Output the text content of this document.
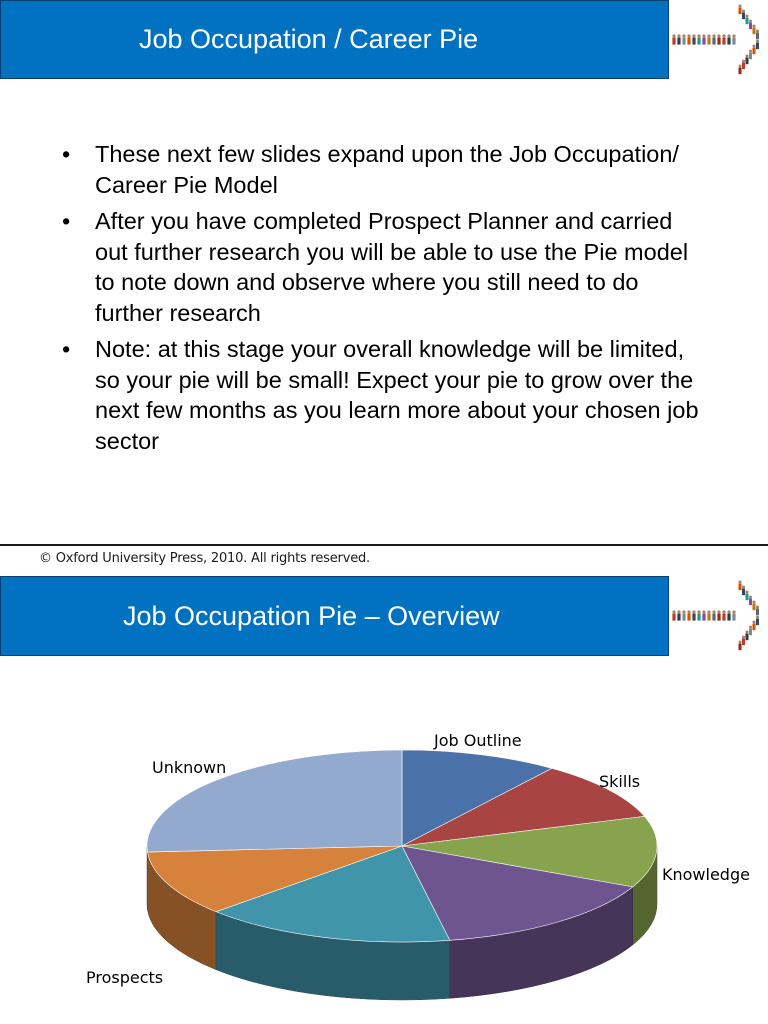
Job Occupation / Career Pie
• These next few slides expand upon the Job Occupation/ Career Pie Model
• After you have completed Prospect Planner and carried out further research you will be able to use the Pie model to note down and observe where you still need to do further research
• Note: at this stage your overall knowledge will be limited, so your pie will be small! Expect your pie to grow over the next few months as you learn more about your chosen job sector
© Oxford University Press, 2010. All rights reserved.
Job Occupation Pie – Overview
Job Outline
Skills
Knowledge
Prospects
Unknown
